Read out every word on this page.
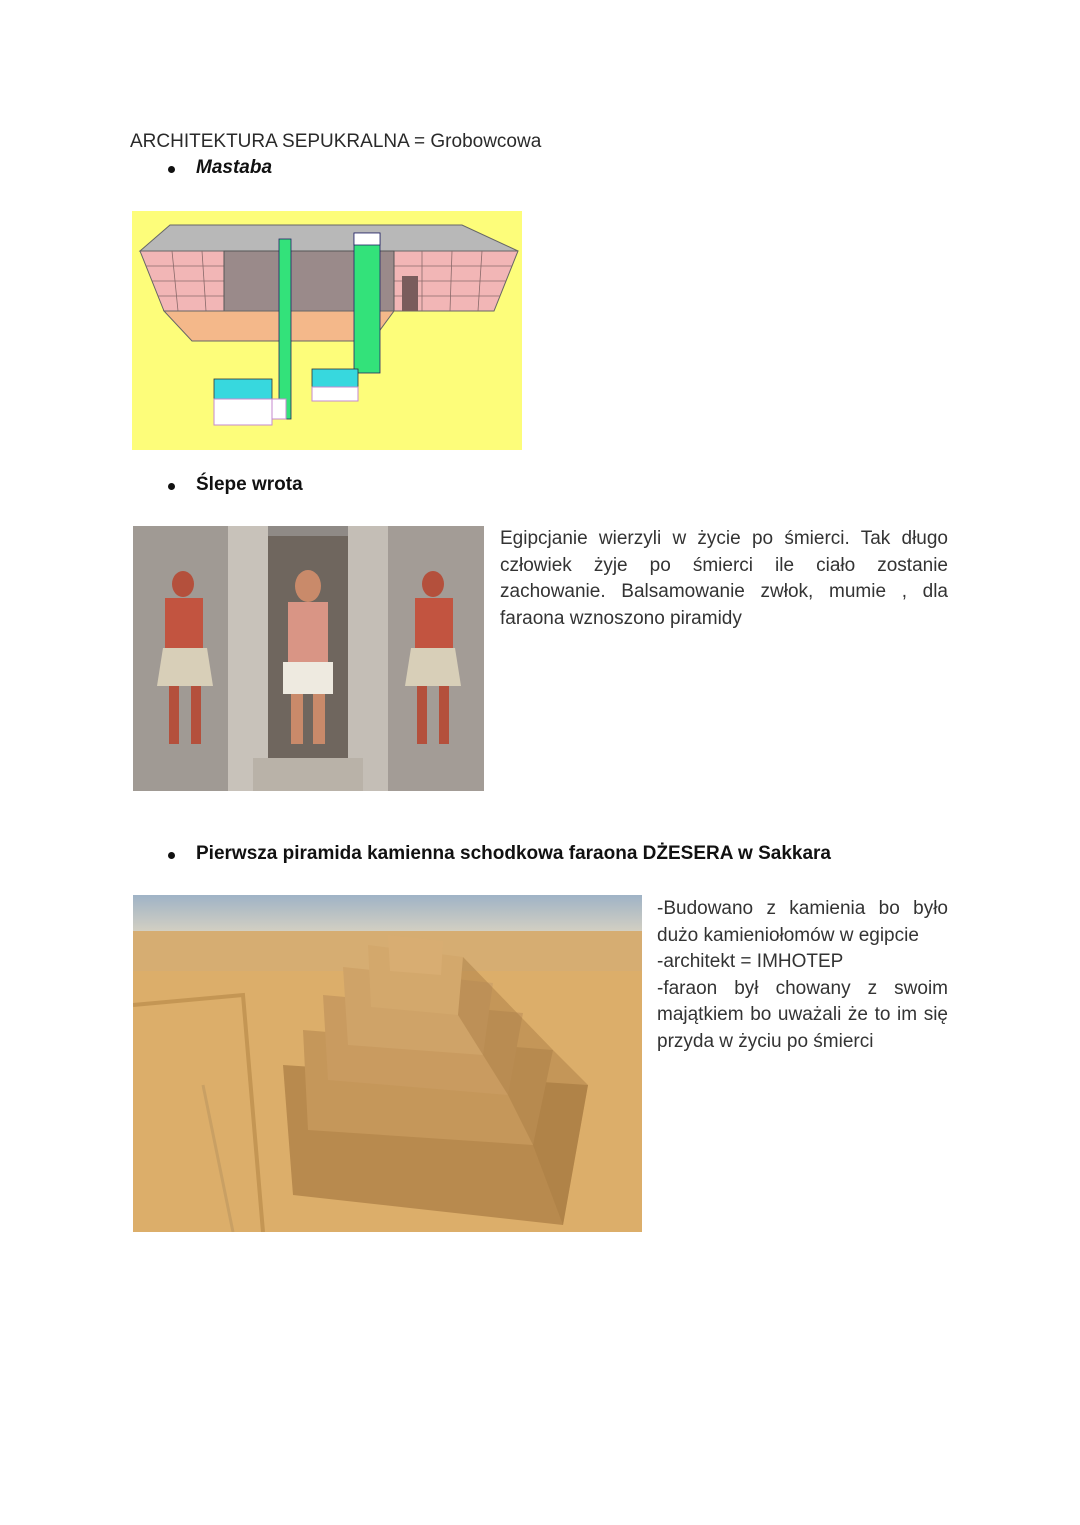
ARCHITEKTURA SEPUKRALNA = Grobowcowa
Mastaba
Ślepe wrota
Egipcjanie wierzyli w życie po śmierci. Tak długo człowiek żyje po śmierci ile ciało zostanie zachowanie. Balsamowanie zwłok, mumie , dla faraona wznoszono piramidy
Pierwsza piramida kamienna schodkowa faraona DŻESERA w Sakkara
-Budowano z kamienia bo było dużo kamieniołomów w egipcie
-architekt = IMHOTEP
-faraon był chowany z swoim majątkiem bo uważali że to im się przyda w życiu po śmierci
